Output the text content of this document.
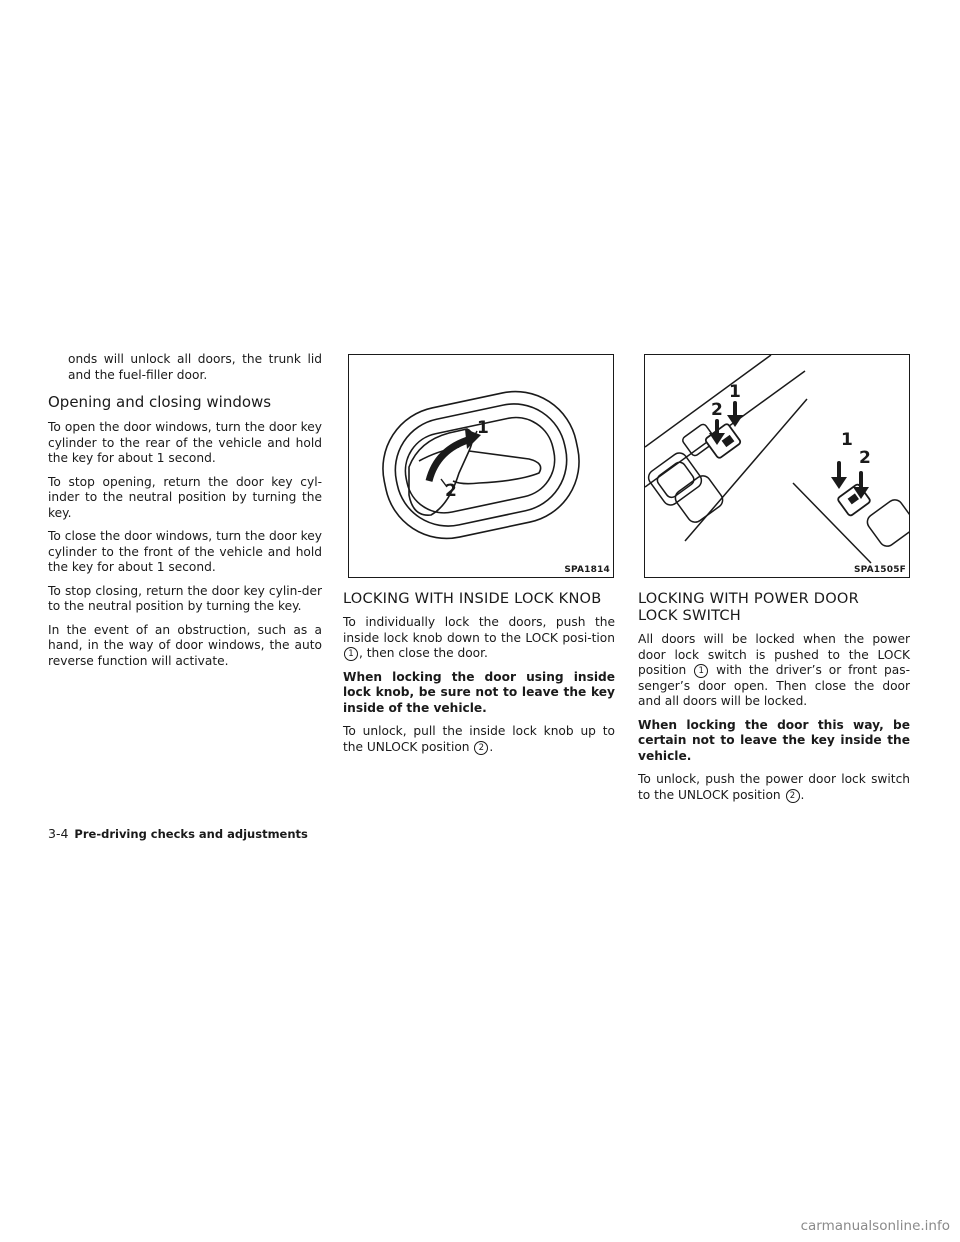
onds will unlock all doors, the trunk lid and the fuel-filler door.

Opening and closing windows

To open the door windows, turn the door key cylinder to the rear of the vehicle and hold the key for about 1 second.

To stop opening, return the door key cyl-inder to the neutral position by turning the key.

To close the door windows, turn the door key cylinder to the front of the vehicle and hold the key for about 1 second.

To stop closing, return the door key cylin-der to the neutral position by turning the key.

In the event of an obstruction, such as a hand, in the way of door windows, the auto reverse function will activate.

1
2
SPA1814
LOCKING WITH INSIDE LOCK KNOB

To individually lock the doors, push the inside lock knob down to the LOCK posi-tion 1 , then close the door.

When locking the door using inside lock knob, be sure not to leave the key inside of the vehicle.

To unlock, pull the inside lock knob up to the UNLOCK position 2 .

1
2
1
2
SPA1505F
LOCKING WITH POWER DOOR
LOCK SWITCH

All doors will be locked when the power door lock switch is pushed to the LOCK position 1 with the driver’s or front pas-senger’s door open. Then close the door and all doors will be locked.

When locking the door this way, be certain not to leave the key inside the vehicle.

To unlock, push the power door lock switch to the UNLOCK position 2 .

3-4 Pre-driving checks and adjustments
carmanualsonline.info
